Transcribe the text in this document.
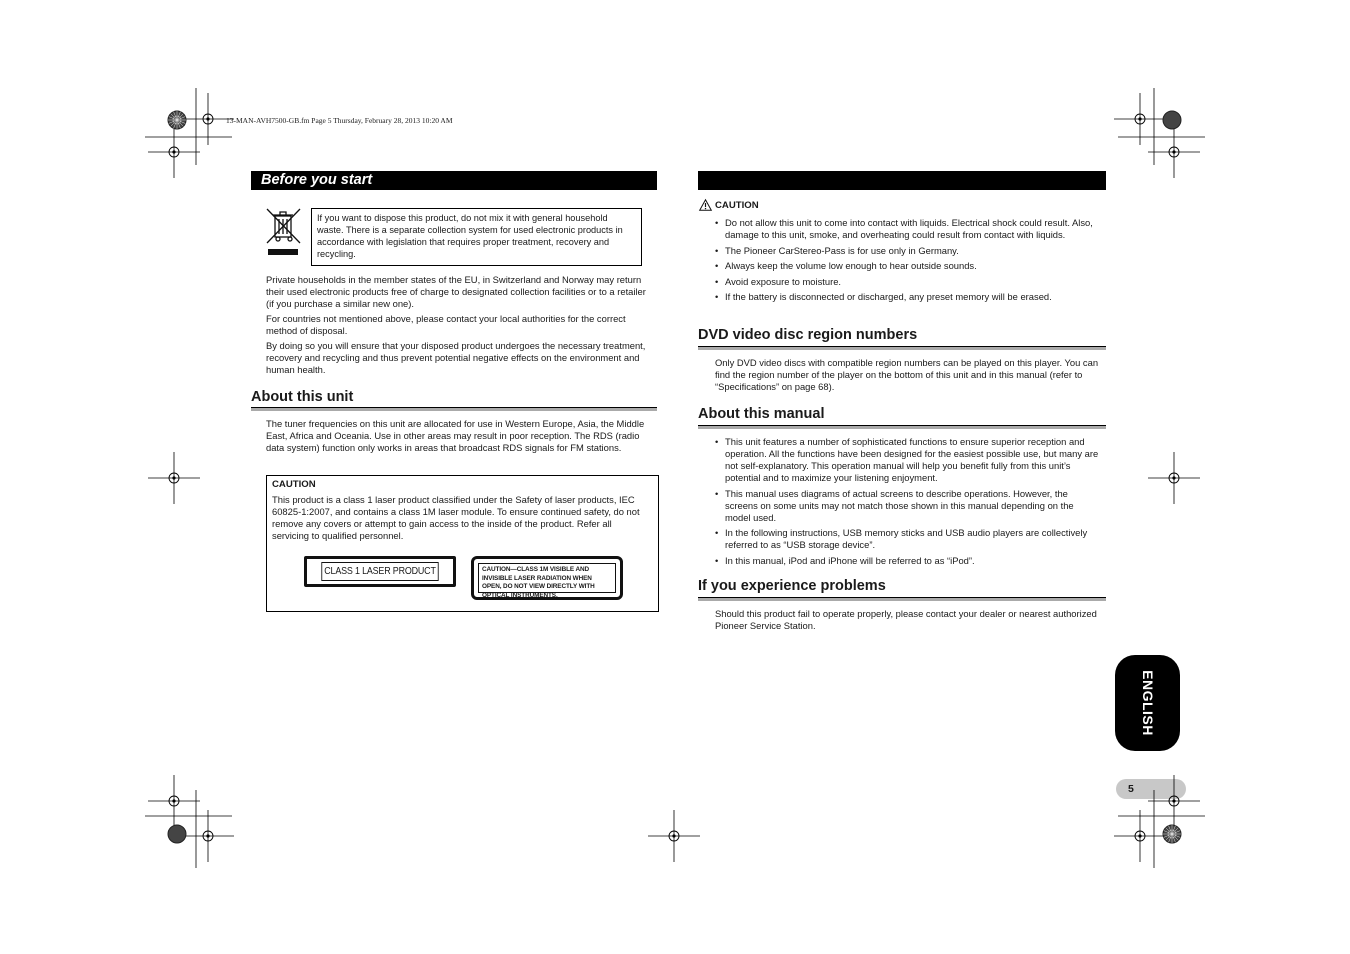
13-MAN-AVH7500-GB.fm Page 5 Thursday, February 28, 2013 10:20 AM
Before you start
If you want to dispose this product, do not mix it with general household waste. There is a separate collection system for used electronic products in accordance with legislation that requires proper treatment, recovery and recycling.

Private households in the member states of the EU, in Switzerland and Norway may return their used electronic products free of charge to designated collection facilities or to a retailer (if you purchase a similar new one).

For countries not mentioned above, please contact your local authorities for the correct method of disposal.

By doing so you will ensure that your disposed product undergoes the necessary treatment, recovery and recycling and thus prevent potential negative effects on the environment and human health.

About this unit

The tuner frequencies on this unit are allocated for use in Western Europe, Asia, the Middle East, Africa and Oceania. Use in other areas may result in poor reception. The RDS (radio data system) function only works in areas that broadcast RDS signals for FM stations.

CAUTION

This product is a class 1 laser product classified under the Safety of laser products, IEC 60825-1:2007, and contains a class 1M laser module. To ensure continued safety, do not remove any covers or attempt to gain access to the inside of the product. Refer all servicing to qualified personnel.

CLASS 1 LASER PRODUCT	CAUTION—CLASS 1M VISIBLE AND INVISIBLE LASER RADIATION WHEN OPEN, DO NOT VIEW DIRECTLY WITH OPTICAL INSTRUMENTS.
CAUTION
• Do not allow this unit to come into contact with liquids. Electrical shock could result. Also, damage to this unit, smoke, and overheating could result from contact with liquids.
• The Pioneer CarStereo-Pass is for use only in Germany.
• Always keep the volume low enough to hear outside sounds.
• Avoid exposure to moisture.
• If the battery is disconnected or discharged, any preset memory will be erased.
DVD video disc region numbers

Only DVD video discs with compatible region numbers can be played on this player. You can find the region number of the player on the bottom of this unit and in this manual (refer to “Specifications” on page 68).

About this manual
• This unit features a number of sophisticated functions to ensure superior reception and operation. All the functions have been designed for the easiest possible use, but many are not self-explanatory. This operation manual will help you benefit fully from this unit’s potential and to maximize your listening enjoyment.
• This manual uses diagrams of actual screens to describe operations. However, the screens on some units may not match those shown in this manual depending on the model used.
• In the following instructions, USB memory sticks and USB audio players are collectively referred to as “USB storage device”.
• In this manual, iPod and iPhone will be referred to as “iPod”.
If you experience problems

Should this product fail to operate properly, please contact your dealer or nearest authorized Pioneer Service Station.

ENGLISH
5
